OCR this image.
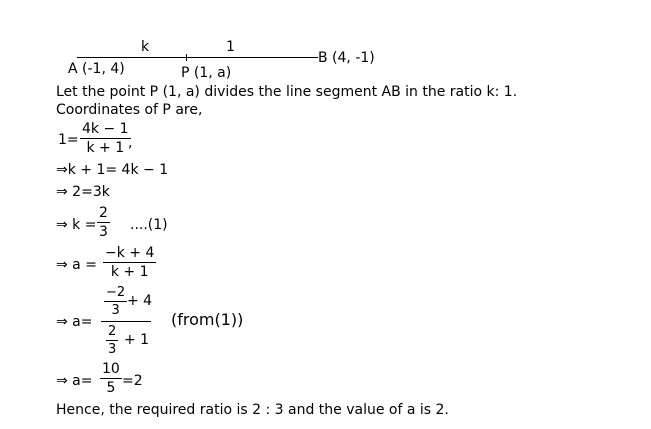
k	1
A (-1, 4)	P (1, a)
B (4, -1)
Let the point P (1, a) divides the line segment AB in the ratio k: 1.
Coordinates of P are,
$1= \frac{4k - 1}{k + 1}$
,
⇒k + 1= 4k − 1
⇒ 2=3k
⇒ $k = \frac{2}{3} ....(1)$
⇒ $a = \frac{-k + 4}{k + 1}$
⇒ a=
$\frac{-2}{3} + 4$
$\frac{2}{3} + 1$
(from(1))
⇒ $a= \frac{10}{5} =2$
Hence, the required ratio is 2 : 3 and the value of a is 2.
